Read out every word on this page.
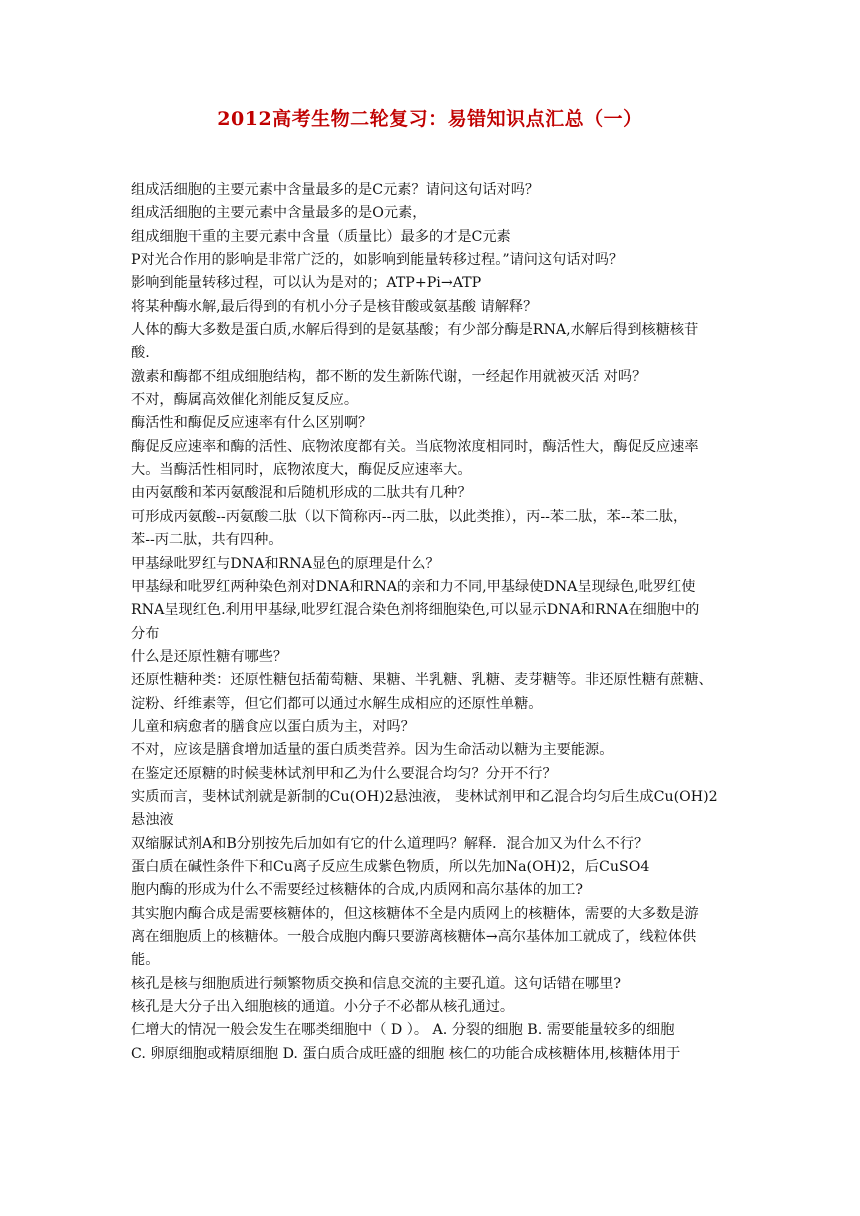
2012高考生物二轮复习：易错知识点汇总（一）
组成活细胞的主要元素中含量最多的是C元素？请问这句话对吗？
组成活细胞的主要元素中含量最多的是O元素，
组成细胞干重的主要元素中含量（质量比）最多的才是C元素
P对光合作用的影响是非常广泛的，如影响到能量转移过程。”请问这句话对吗？
影响到能量转移过程，可以认为是对的；ATP+Pi→ATP
将某种酶水解,最后得到的有机小分子是核苷酸或氨基酸 请解释？
人体的酶大多数是蛋白质,水解后得到的是氨基酸；有少部分酶是RNA,水解后得到核糖核苷
酸.
激素和酶都不组成细胞结构，都不断的发生新陈代谢，一经起作用就被灭活 对吗？
不对，酶属高效催化剂能反复反应。
酶活性和酶促反应速率有什么区别啊？
酶促反应速率和酶的活性、底物浓度都有关。当底物浓度相同时，酶活性大，酶促反应速率
大。当酶活性相同时，底物浓度大，酶促反应速率大。
由丙氨酸和苯丙氨酸混和后随机形成的二肽共有几种？
可形成丙氨酸--丙氨酸二肽（以下简称丙--丙二肽，以此类推），丙--苯二肽，苯--苯二肽，
苯--丙二肽，共有四种。
甲基绿吡罗红与DNA和RNA显色的原理是什么？
甲基绿和吡罗红两种染色剂对DNA和RNA的亲和力不同,甲基绿使DNA呈现绿色,吡罗红使
RNA呈现红色.利用甲基绿,吡罗红混合染色剂将细胞染色,可以显示DNA和RNA在细胞中的
分布
什么是还原性糖有哪些？
还原性糖种类：还原性糖包括葡萄糖、果糖、半乳糖、乳糖、麦芽糖等。非还原性糖有蔗糖、
淀粉、纤维素等，但它们都可以通过水解生成相应的还原性单糖。
儿童和病愈者的膳食应以蛋白质为主，对吗？
不对，应该是膳食增加适量的蛋白质类营养。因为生命活动以糖为主要能源。
在鉴定还原糖的时候斐林试剂甲和乙为什么要混合均匀？分开不行？
实质而言，斐林试剂就是新制的Cu(OH)2悬浊液， 斐林试剂甲和乙混合均匀后生成Cu(OH)2
悬浊液
双缩脲试剂A和B分别按先后加如有它的什么道理吗？解释．混合加又为什么不行？
蛋白质在碱性条件下和Cu离子反应生成紫色物质，所以先加Na(OH)2，后CuSO4
胞内酶的形成为什么不需要经过核糖体的合成,内质网和高尔基体的加工?
其实胞内酶合成是需要核糖体的，但这核糖体不全是内质网上的核糖体，需要的大多数是游
离在细胞质上的核糖体。一般合成胞内酶只要游离核糖体→高尔基体加工就成了，线粒体供
能。
核孔是核与细胞质进行频繁物质交换和信息交流的主要孔道。这句话错在哪里?
核孔是大分子出入细胞核的通道。小分子不必都从核孔通过。
仁增大的情况一般会发生在哪类细胞中（ D ）。 A. 分裂的细胞 B. 需要能量较多的细胞
C. 卵原细胞或精原细胞 D. 蛋白质合成旺盛的细胞 核仁的功能合成核糖体用,核糖体用于
